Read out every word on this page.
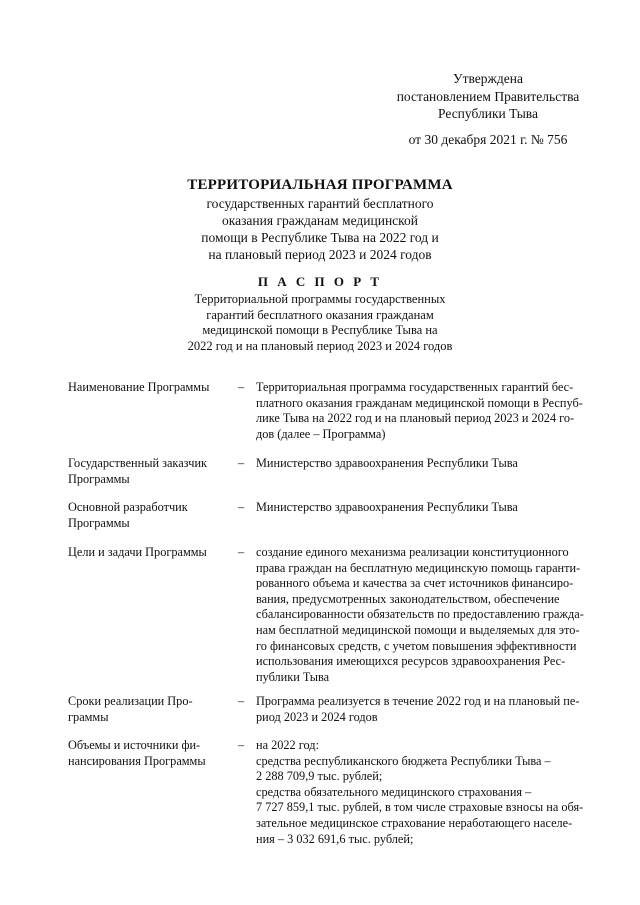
Утверждена
постановлением Правительства
Республики Тыва
от 30 декабря 2021 г. № 756
ТЕРРИТОРИАЛЬНАЯ ПРОГРАММА
государственных гарантий бесплатного
оказания гражданам медицинской
помощи в Республике Тыва на 2022 год и
на плановый период 2023 и 2024 годов
П А С П О Р Т
Территориальной программы государственных
гарантий бесплатного оказания гражданам
медицинской помощи в Республике Тыва на
2022 год и на плановый период 2023 и 2024 годов
Наименование Программы	– Территориальная программа государственных гарантий бес-
платного оказания гражданам медицинской помощи в Респуб-
лике Тыва на 2022 год и на плановый период 2023 и 2024 го-
дов (далее – Программа)
Государственный заказчик
Программы
– Министерство здравоохранения Республики Тыва
Основной разработчик
Программы
– Министерство здравоохранения Республики Тыва
Цели и задачи Программы	– создание единого механизма реализации конституционного
права граждан на бесплатную медицинскую помощь гаранти-
рованного объема и качества за счет источников финансиро-
вания, предусмотренных законодательством, обеспечение
сбалансированности обязательств по предоставлению гражда-
нам бесплатной медицинской помощи и выделяемых для это-
го финансовых средств, с учетом повышения эффективности
использования имеющихся ресурсов здравоохранения Рес-
публики Тыва
Сроки реализации Про-
граммы
– Программа реализуется в течение 2022 год и на плановый пе-
риод 2023 и 2024 годов
Объемы и источники фи-
нансирования Программы
– на 2022 год:
средства республиканского бюджета Республики Тыва –
2 288 709,9 тыс. рублей;
средства обязательного медицинского страхования –
7 727 859,1 тыс. рублей, в том числе страховые взносы на обя-
зательное медицинское страхование неработающего населе-
ния – 3 032 691,6 тыс. рублей;
